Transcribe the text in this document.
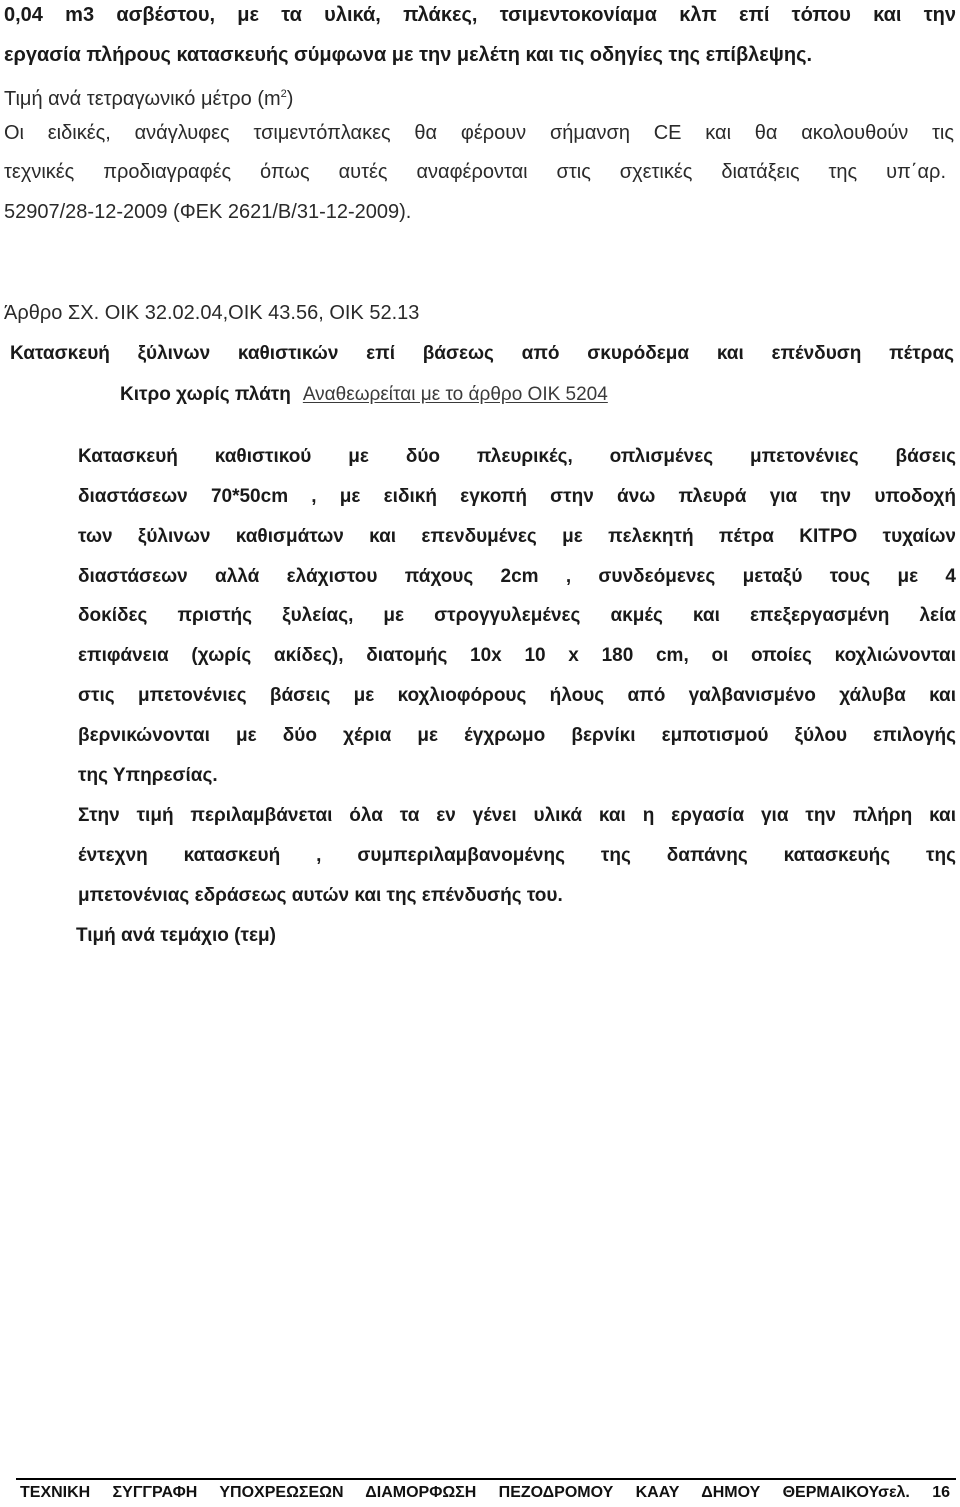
0,04 m3 ασβέστου, με τα υλικά, πλάκες, τσιμεντοκονίαμα κλπ επί τόπου και την
εργασία πλήρους κατασκευής σύμφωνα με την μελέτη και τις οδηγίες της επίβλεψης.
Τιμή ανά τετραγωνικό μέτρο $(m^2)$
Οι ειδικές, ανάγλυφες τσιμεντόπλακες θα φέρουν σήμανση CE και θα ακολουθούν τις
τεχνικές προδιαγραφές όπως αυτές αναφέρονται στις σχετικές διατάξεις της υπ΄αρ.
52907/28-12-2009 (ΦΕΚ 2621/Β/31-12-2009).
Άρθρο ΣΧ. ΟΙΚ 32.02.04,ΟΙΚ 43.56, ΟΙΚ 52.13
Κατασκευή ξύλινων καθιστικών επί βάσεως από σκυρόδεμα και επένδυση πέτρας
Κιτρο χωρίς πλάτη Αναθεωρείται με το άρθρο ΟΙΚ 5204
Κατασκευή καθιστικού με δύο πλευρικές, οπλισμένες μπετονένιες βάσεις
διαστάσεων 70*50cm , με ειδική εγκοπή στην άνω πλευρά για την υποδοχή
των ξύλινων καθισμάτων και επενδυμένες με πελεκητή πέτρα ΚΙΤΡΟ τυχαίων
διαστάσεων αλλά ελάχιστου πάχους 2cm , συνδεόμενες μεταξύ τους με 4
δοκίδες πριστής ξυλείας, με στρογγυλεμένες ακμές και επεξεργασμένη λεία
επιφάνεια (χωρίς ακίδες), διατομής 10x 10 x 180 cm, οι οποίες κοχλιώνονται
στις μπετονένιες βάσεις με κοχλιοφόρους ήλους από γαλβανισμένο χάλυβα και
βερνικώνονται με δύο χέρια με έγχρωμο βερνίκι εμποτισμού ξύλου επιλογής
της Υπηρεσίας.
Στην τιμή περιλαμβάνεται όλα τα εν γένει υλικά και η εργασία για την πλήρη και
έντεχνη κατασκευή , συμπεριλαμβανομένης της δαπάνης κατασκευής της
μπετονένιας εδράσεως αυτών και της επένδυσής του.
Τιμή ανά τεμάχιο (τεμ)
ΤΕΧΝΙΚΗ ΣΥΓΓΡΑΦΗ ΥΠΟΧΡΕΩΣΕΩΝ ΔΙΑΜΟΡΦΩΣΗ ΠΕΖΟΔΡΟΜΟΥ ΚΑΑΥ ΔΗΜΟΥ ΘΕΡΜΑΙΚΟΥσελ. 16
